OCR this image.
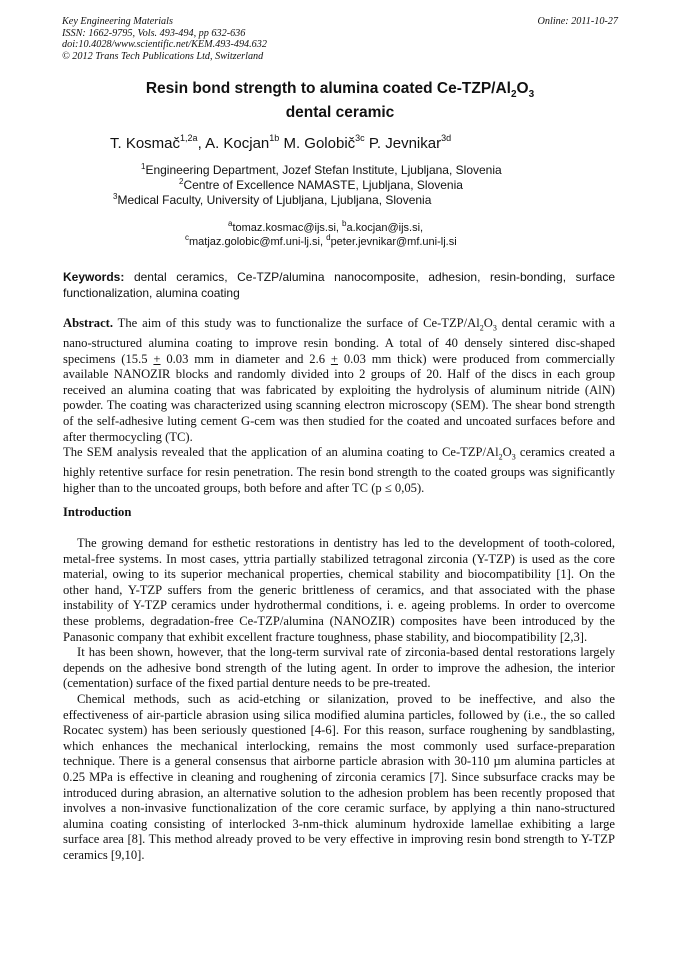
Key Engineering Materials
ISSN: 1662-9795, Vols. 493-494, pp 632-636
doi:10.4028/www.scientific.net/KEM.493-494.632
© 2012 Trans Tech Publications Ltd, Switzerland
Online: 2011-10-27
Resin bond strength to alumina coated $Ce-TZP/Al_2O_3$
dental ceramic
T. Kosmač$^{1,2a}$, A. Kocjan$^{1b}$ M. Golobič$^{3c}$ P. Jevnikar$^{3d}$
$^1$Engineering Department, Jozef Stefan Institute, Ljubljana, Slovenia
$^2$Centre of Excellence NAMASTE, Ljubljana, Slovenia
$^3$Medical Faculty, University of Ljubljana, Ljubljana, Slovenia
$^a$tomaz.kosmac@ijs.si, $^b$a.kocjan@ijs.si,
$^c$matjaz.golobic@mf.uni-lj.si, $^d$peter.jevnikar@mf.uni-lj.si
Keywords: dental ceramics, Ce-TZP/alumina nanocomposite, adhesion, resin-bonding, surface functionalization, alumina coating

Abstract. The aim of this study was to functionalize the surface of $Ce-TZP/Al_2O_3$ dental ceramic with a nano-structured alumina coating to improve resin bonding. A total of 40 densely sintered disc-shaped specimens (15.5 + 0.03 mm in diameter and 2.6 + 0.03 mm thick) were produced from commercially available NANOZIR blocks and randomly divided into 2 groups of 20. Half of the discs in each group received an alumina coating that was fabricated by exploiting the hydrolysis of aluminum nitride (AlN) powder. The coating was characterized using scanning electron microscopy (SEM). The shear bond strength of the self-adhesive luting cement G-cem was then studied for the coated and uncoated surfaces before and after thermocycling (TC).

The SEM analysis revealed that the application of an alumina coating to $Ce-TZP/Al_2O_3$ ceramics created a highly retentive surface for resin penetration. The resin bond strength to the coated groups was significantly higher than to the uncoated groups, both before and after TC (p ≤ 0,05).

Introduction

The growing demand for esthetic restorations in dentistry has led to the development of tooth-colored, metal-free systems. In most cases, yttria partially stabilized tetragonal zirconia (Y-TZP) is used as the core material, owing to its superior mechanical properties, chemical stability and biocompatibility [1]. On the other hand, Y-TZP suffers from the generic brittleness of ceramics, and that associated with the phase instability of Y-TZP ceramics under hydrothermal conditions, i. e. ageing problems. In order to overcome these problems, degradation-free Ce-TZP/alumina (NANOZIR) composites have been introduced by the Panasonic company that exhibit excellent fracture toughness, phase stability, and biocompatibility [2,3].

It has been shown, however, that the long-term survival rate of zirconia-based dental restorations largely depends on the adhesive bond strength of the luting agent. In order to improve the adhesion, the interior (cementation) surface of the fixed partial denture needs to be pre-treated.

Chemical methods, such as acid-etching or silanization, proved to be ineffective, and also the effectiveness of air-particle abrasion using silica modified alumina particles, followed by (i.e., the so called Rocatec system) has been seriously questioned [4-6]. For this reason, surface roughening by sandblasting, which enhances the mechanical interlocking, remains the most commonly used surface-preparation technique. There is a general consensus that airborne particle abrasion with 30-110 µm alumina particles at 0.25 MPa is effective in cleaning and roughening of zirconia ceramics [7]. Since subsurface cracks may be introduced during abrasion, an alternative solution to the adhesion problem has been recently proposed that involves a non-invasive functionalization of the core ceramic surface, by applying a thin nano-structured alumina coating consisting of interlocked 3-nm-thick aluminum hydroxide lamellae exhibiting a large surface area [8]. This method already proved to be very effective in improving resin bond strength to Y-TZP ceramics [9,10].
